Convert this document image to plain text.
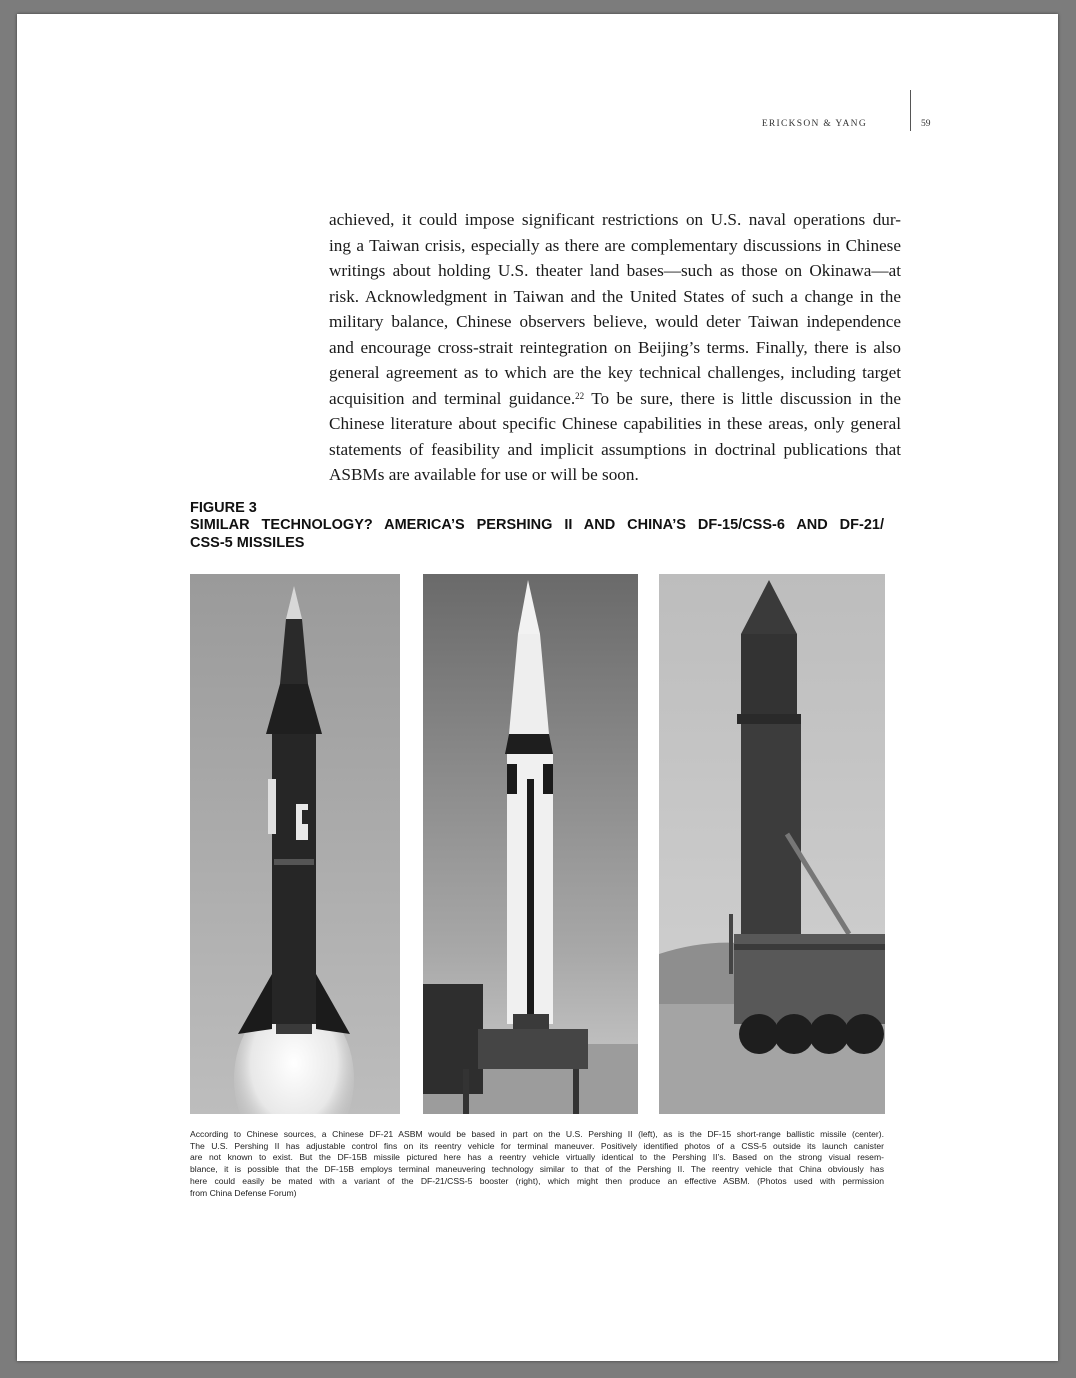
ERICKSON & YANG	59
achieved, it could impose significant restrictions on U.S. naval operations dur-
ing a Taiwan crisis, especially as there are complementary discussions in Chinese
writings about holding U.S. theater land bases—such as those on Okinawa—at
risk. Acknowledgment in Taiwan and the United States of such a change in the
military balance, Chinese observers believe, would deter Taiwan independence
and encourage cross-strait reintegration on Beijing’s terms. Finally, there is also
general agreement as to which are the key technical challenges, including target
acquisition and terminal guidance.$^{22}$ To be sure, there is little discussion in the
Chinese literature about specific Chinese capabilities in these areas, only general
statements of feasibility and implicit assumptions in doctrinal publications that
ASBMs are available for use or will be soon.
FIGURE 3
SIMILAR TECHNOLOGY? AMERICA’S PERSHING II AND CHINA’S DF-15/CSS-6 AND DF-21/
CSS-5 MISSILES
According to Chinese sources, a Chinese DF-21 ASBM would be based in part on the U.S. Pershing II (left), as is the DF-15 short-range ballistic missile (center).
The U.S. Pershing II has adjustable control fins on its reentry vehicle for terminal maneuver. Positively identified photos of a CSS-5 outside its launch canister
are not known to exist. But the DF-15B missile pictured here has a reentry vehicle virtually identical to the Pershing II’s. Based on the strong visual resem-
blance, it is possible that the DF-15B employs terminal maneuvering technology similar to that of the Pershing II. The reentry vehicle that China obviously has
here could easily be mated with a variant of the DF-21/CSS-5 booster (right), which might then produce an effective ASBM. (Photos used with permission
from China Defense Forum)
